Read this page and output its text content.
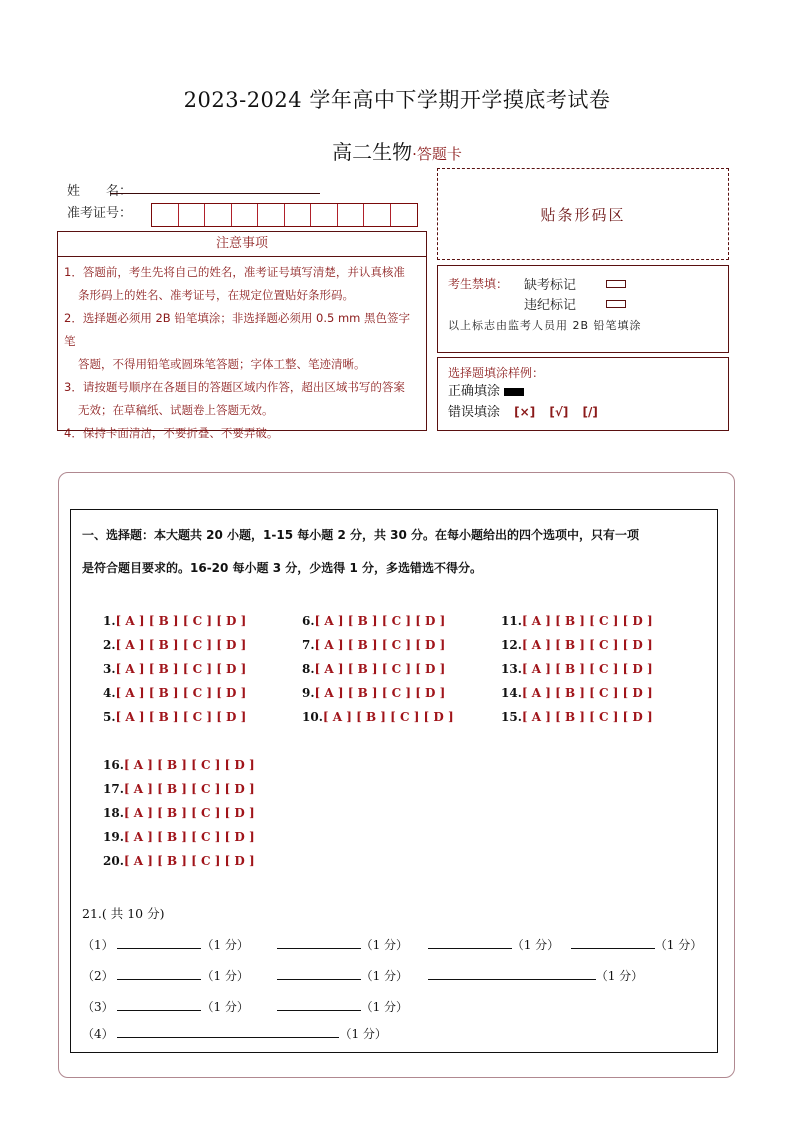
2023-2024 学年高中下学期开学摸底考试卷
高二生物·答题卡
姓　　名：
准考证号：
注意事项
1．答题前，考生先将自己的姓名，准考证号填写清楚，并认真核准
条形码上的姓名、准考证号，在规定位置贴好条形码。
2．选择题必须用 2B 铅笔填涂；非选择题必须用 0.5 mm 黑色签字笔
答题，不得用铅笔或圆珠笔答题；字体工整、笔迹清晰。
3．请按题号顺序在各题目的答题区域内作答，超出区域书写的答案
无效；在草稿纸、试题卷上答题无效。
4．保持卡面清洁，不要折叠、不要弄破。
贴条形码区
考生禁填：	缺考标记
违纪标记
以上标志由监考人员用 2B 铅笔填涂
选择题填涂样例：
正确填涂
错误填涂 [×] [√] [/]
一、选择题：本大题共 20 小题，1-15 每小题 2 分，共 30 分。在每小题给出的四个选项中，只有一项
是符合题目要求的。16-20 每小题 3 分，少选得 1 分，多选错选不得分。
1.[ A ] [ B ] [ C ] [ D ]
2.[ A ] [ B ] [ C ] [ D ]
3.[ A ] [ B ] [ C ] [ D ]
4.[ A ] [ B ] [ C ] [ D ]
5.[ A ] [ B ] [ C ] [ D ]
6.[ A ] [ B ] [ C ] [ D ]
7.[ A ] [ B ] [ C ] [ D ]
8.[ A ] [ B ] [ C ] [ D ]
9.[ A ] [ B ] [ C ] [ D ]
10.[ A ] [ B ] [ C ] [ D ]
11.[ A ] [ B ] [ C ] [ D ]
12.[ A ] [ B ] [ C ] [ D ]
13.[ A ] [ B ] [ C ] [ D ]
14.[ A ] [ B ] [ C ] [ D ]
15.[ A ] [ B ] [ C ] [ D ]
16.[ A ] [ B ] [ C ] [ D ]
17.[ A ] [ B ] [ C ] [ D ]
18.[ A ] [ B ] [ C ] [ D ]
19.[ A ] [ B ] [ C ] [ D ]
20.[ A ] [ B ] [ C ] [ D ]
21.( 共 10 分)
（1）	（1 分）	（1 分）	（1 分）	（1 分）
（2）	（1 分）	（1 分）	（1 分）
（3）	（1 分）	（1 分）
（4）	（1 分）
